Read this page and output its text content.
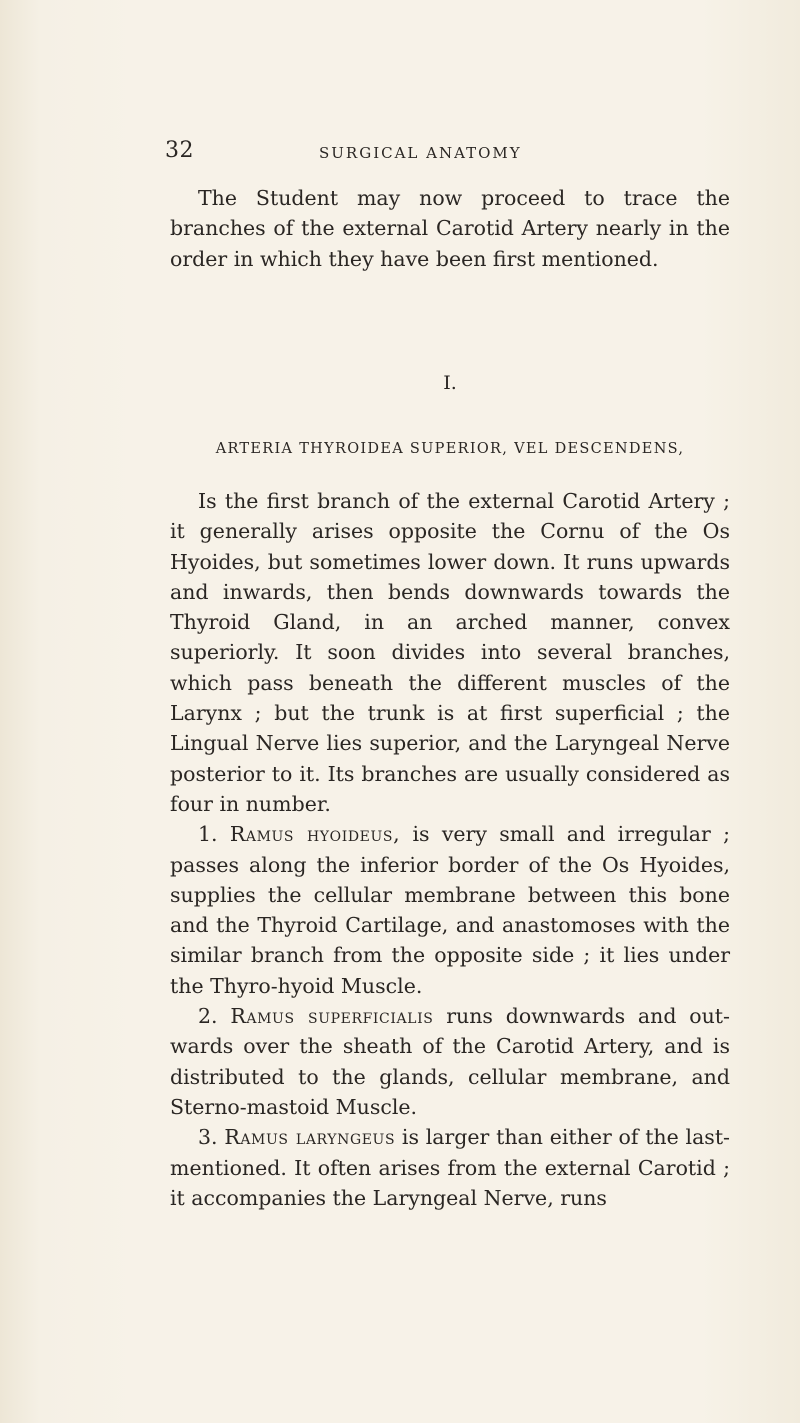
32	SURGICAL ANATOMY

The Student may now proceed to trace the branches of the external Carotid Artery nearly in the order in which they have been first mentioned.

I.
ARTERIA THYROIDEA SUPERIOR, VEL DESCENDENS,

Is the first branch of the external Carotid Artery ; it generally arises opposite the Cornu of the Os Hyoides, but sometimes lower down. It runs upwards and inwards, then bends downwards towards the Thyroid Gland, in an arched manner, convex superiorly. It soon divides into several branches, which pass beneath the different muscles of the Larynx ; but the trunk is at first superficial ; the Lingual Nerve lies superior, and the Laryngeal Nerve posterior to it. Its branches are usually considered as four in number.

1. Ramus hyoideus, is very small and irregular ; passes along the inferior border of the Os Hyoides, supplies the cellular membrane between this bone and the Thyroid Cartilage, and anastomoses with the similar branch from the opposite side ; it lies under the Thyro-hyoid Muscle.

2. Ramus superficialis runs downwards and outwards over the sheath of the Carotid Artery, and is distributed to the glands, cellular membrane, and Sterno-mastoid Muscle.

3. Ramus laryngeus is larger than either of the last-mentioned. It often arises from the external Carotid ; it accompanies the Laryngeal Nerve, runs
